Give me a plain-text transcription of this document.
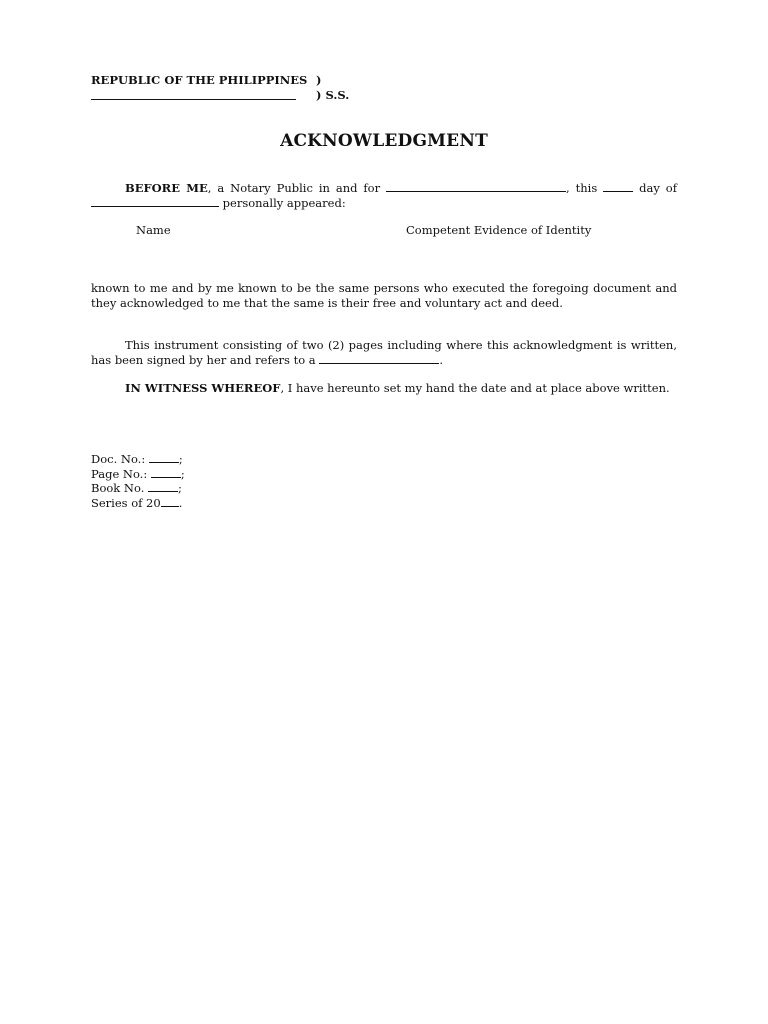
REPUBLIC OF THE PHILIPPINES )
) S.S.
ACKNOWLEDGMENT
BEFORE ME, a Notary Public in and for	, this	day of  personally appeared:
Name	Competent Evidence of Identity
known to me and by me known to be the same persons who executed the foregoing document and they acknowledged to me that the same is their free and voluntary act and deed.
This instrument consisting of two (2) pages including where this acknowledgment is written, has been signed by her and refers to a	.
IN WITNESS WHEREOF, I have hereunto set my hand the date and at place above written.
Doc. No.:	;
Page No.:	;
Book No.	;
Series of 20 .
